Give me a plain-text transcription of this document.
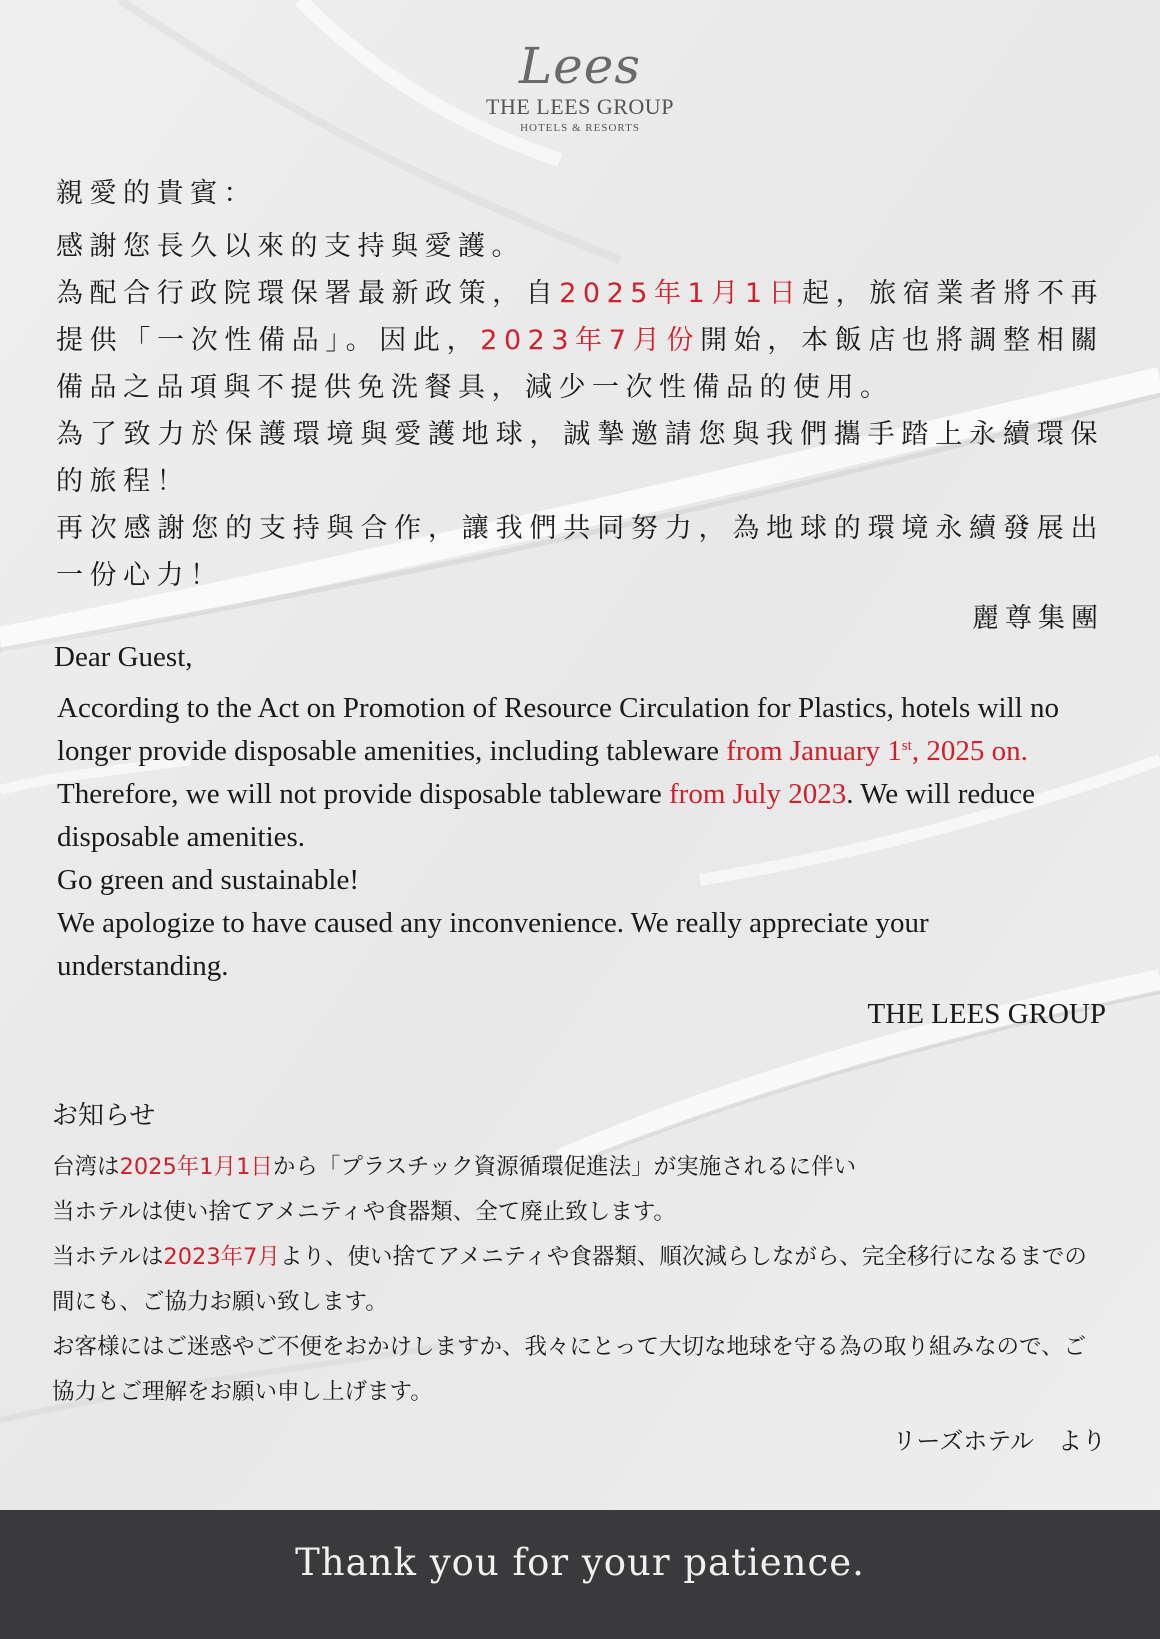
Lees
THE LEES GROUP
HOTELS & RESORTS

親愛的貴賓：

感謝您長久以來的支持與愛護。

為配合行政院環保署最新政策，自2025年1月1日起，旅宿業者將不再提供「一次性備品」。因此，2023年7月份開始，本飯店也將調整相關備品之品項與不提供免洗餐具，減少一次性備品的使用。

為了致力於保護環境與愛護地球，誠摯邀請您與我們攜手踏上永續環保的旅程！

再次感謝您的支持與合作，讓我們共同努力，為地球的環境永續發展出一份心力！

麗尊集團

Dear Guest,

According to the Act on Promotion of Resource Circulation for Plastics, hotels will no longer provide disposable amenities, including tableware from January 1st, 2025 on.

Therefore, we will not provide disposable tableware from July 2023. We will reduce disposable amenities.

Go green and sustainable!

We apologize to have caused any inconvenience. We really appreciate your understanding.

THE LEES GROUP

お知らせ

台湾は2025年1月1日から「プラスチック資源循環促進法」が実施されるに伴い

当ホテルは使い捨てアメニティや食器類、全て廃止致します。

当ホテルは2023年7月より、使い捨てアメニティや食器類、順次減らしながら、完全移行になるまでの間にも、ご協力お願い致します。

お客様にはご迷惑やご不便をおかけしますか、我々にとって大切な地球を守る為の取り組みなので、ご協力とご理解をお願い申し上げます。

リーズホテル　より

Thank you for your patience.
